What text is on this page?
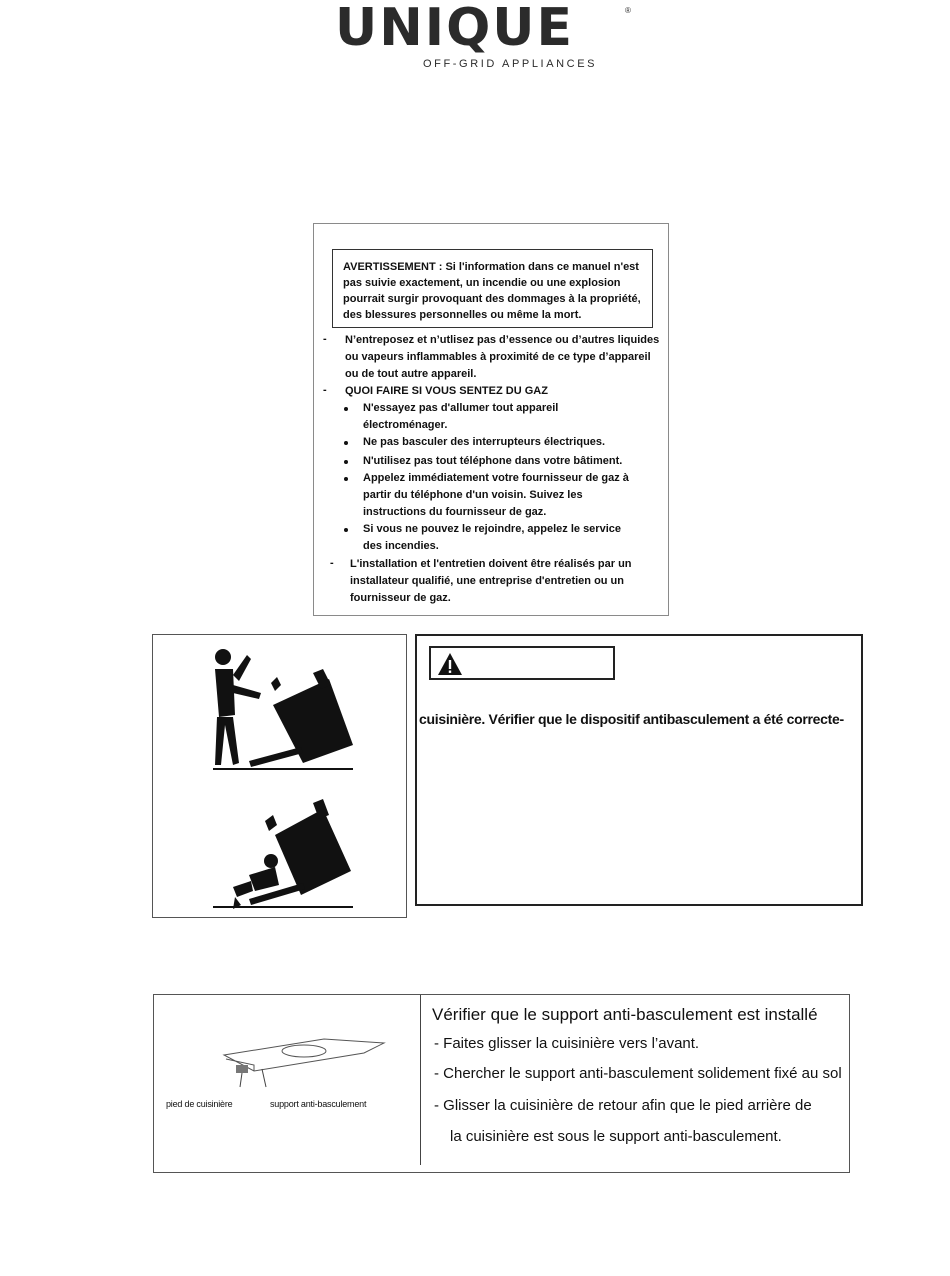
UNIQUE	®
OFF-GRID APPLIANCES
AVERTISSEMENT : Si l'information dans ce manuel n'est
pas suivie exactement, un incendie ou une explosion
pourrait surgir provoquant des dommages à la propriété,
des blessures personnelles ou même la mort.
- N’entreposez et n’utlisez pas d’essence ou d’autres liquides
ou vapeurs inflammables à proximité de ce type d’appareil
ou de tout autre appareil.
- QUOI FAIRE SI VOUS SENTEZ DU GAZ
N'essayez pas d'allumer tout appareil
électroménager.
Ne pas basculer des interrupteurs électriques.
N'utilisez pas tout téléphone dans votre bâtiment.
Appelez immédiatement votre fournisseur de gaz à
partir du téléphone d'un voisin. Suivez les
instructions du fournisseur de gaz.
Si vous ne pouvez le rejoindre, appelez le service
des incendies.
- L'installation et l'entretien doivent être réalisés par un
installateur qualifié, une entreprise d'entretien ou un
fournisseur de gaz.
cuisinière. Vérifier que le dispositif antibasculement a été correcte-
pied de cuisinière	support anti-basculement
Vérifier que le support anti-basculement est installé
- Faites glisser la cuisinière vers l’avant.
- Chercher le support anti-basculement solidement fixé au sol
- Glisser la cuisinière de retour afin que le pied arrière de
la cuisinière est sous le support anti-basculement.
